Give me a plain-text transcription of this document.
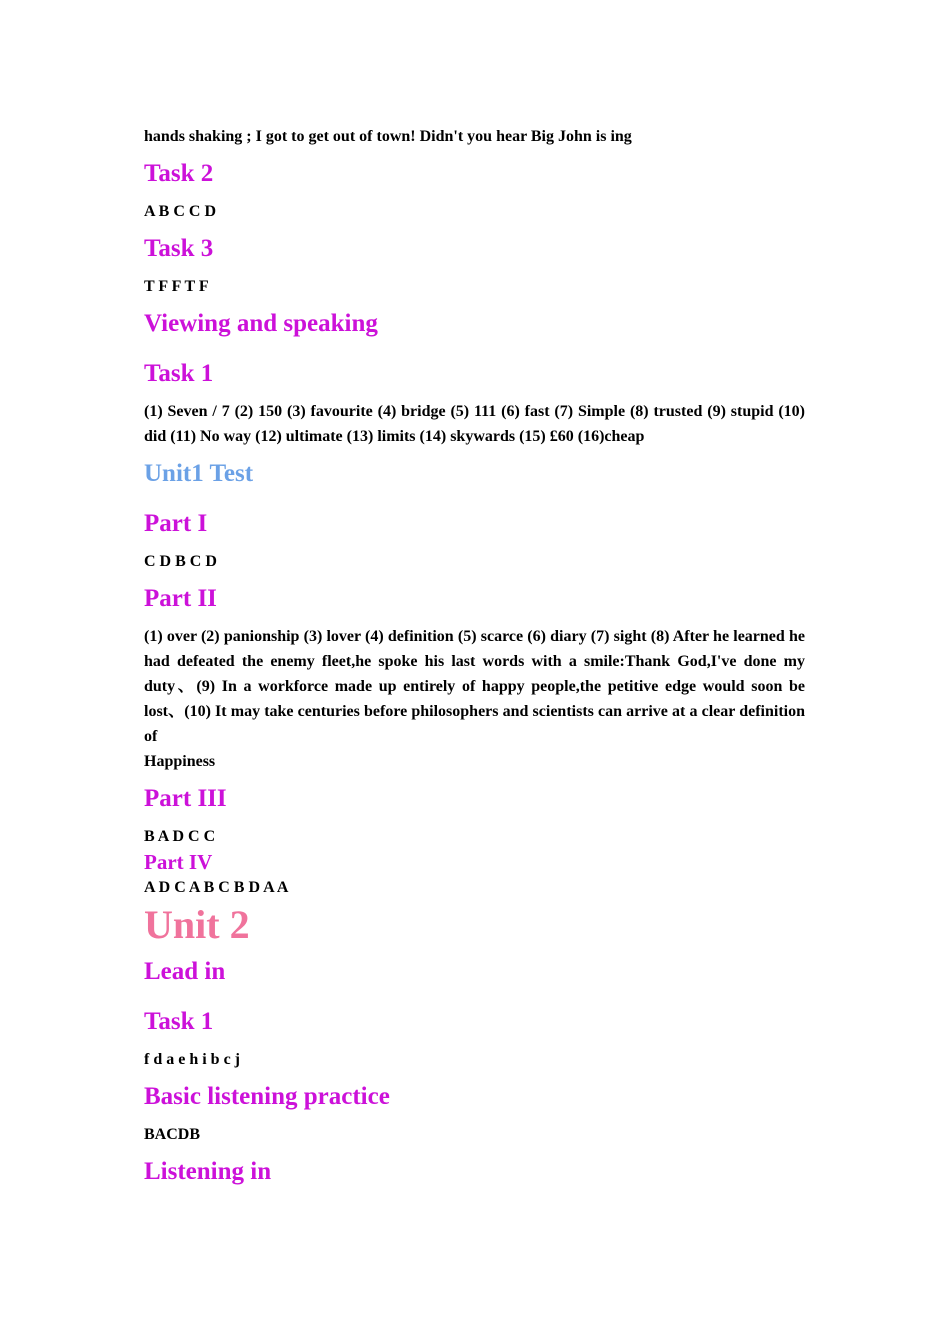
hands shaking ; I got to get out of town! Didn't you hear Big John is ing

Task 2

A B C C D

Task 3

T F F T F

Viewing and speaking
Task 1

(1) Seven / 7 (2) 150 (3) favourite (4) bridge (5) 111 (6) fast (7) Simple (8) trusted (9) stupid (10) did (11) No way (12) ultimate (13) limits (14) skywards (15) £60 (16)cheap

Unit1 Test
Part I

C D B C D

Part II

(1) over (2) panionship (3) lover (4) definition (5) scarce (6) diary (7) sight (8) After he learned he had defeated the enemy fleet,he spoke his last words with a smile:Thank God,I've done my duty、(9) In a workforce made up entirely of happy people,the petitive edge would soon be lost、(10) It may take centuries before philosophers and scientists can arrive at a clear definition of

Happiness

Part III

B A D C C

Part IV

A D C A B C B D A A

Unit 2
Lead in
Task 1

f d a e h i b c j

Basic listening practice

BACDB

Listening in
